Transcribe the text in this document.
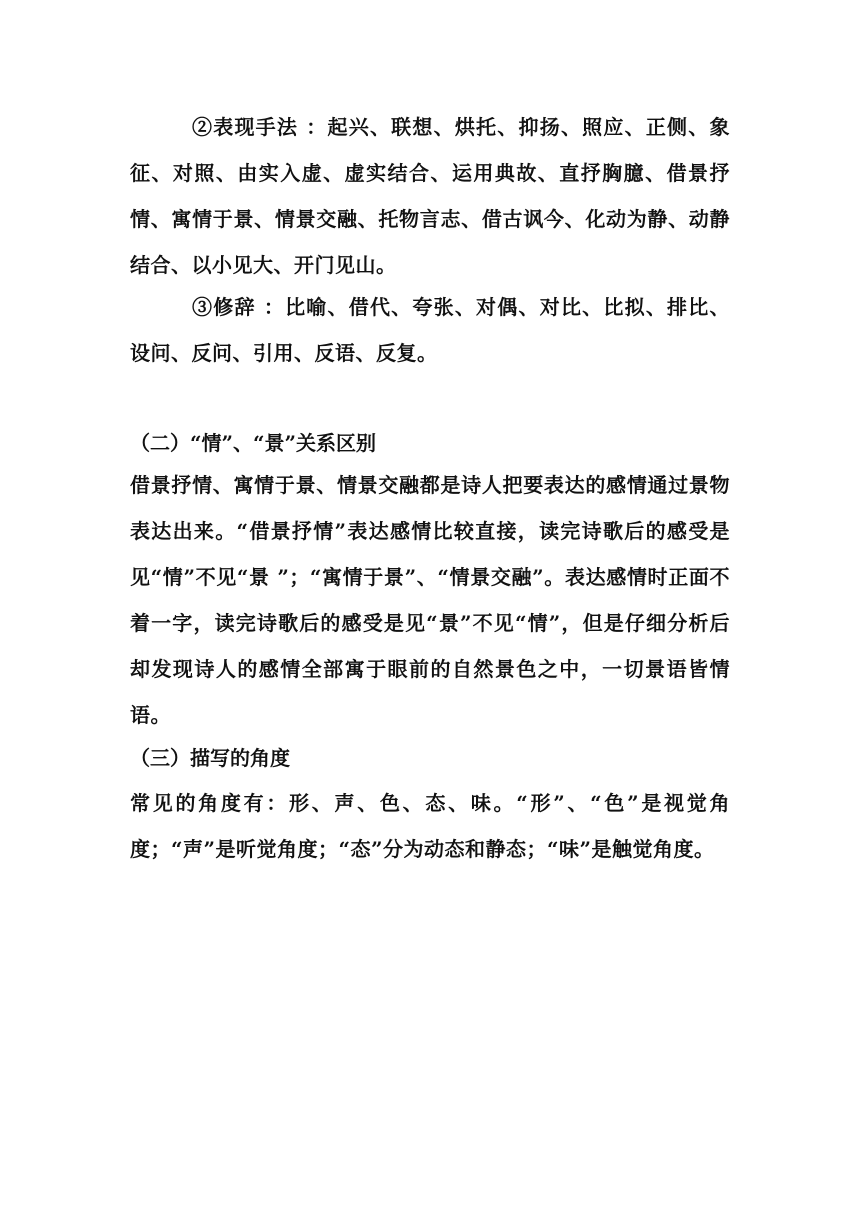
②表现手法 ：起兴、联想、烘托、抑扬、照应、正侧、象征、对照、由实入虚、虚实结合、运用典故、直抒胸臆、借景抒情、寓情于景、情景交融、托物言志、借古讽今、化动为静、动静结合、以小见大、开门见山。

③修辞 ：比喻、借代、夸张、对偶、对比、比拟、排比、设问、反问、引用、反语、反复。

（二）“情”、“景”关系区别

借景抒情、寓情于景、情景交融都是诗人把要表达的感情通过景物表达出来。“借景抒情”表达感情比较直接，读完诗歌后的感受是见“情”不见“景 ”；“寓情于景”、“情景交融”。表达感情时正面不着一字，读完诗歌后的感受是见“景”不见“情”，但是仔细分析后却发现诗人的感情全部寓于眼前的自然景色之中，一切景语皆情语。

（三）描写的角度

常见的角度有：形、声、色、态、味。“形”、“色”是视觉角度；“声”是听觉角度；“态”分为动态和静态；“味”是触觉角度。
